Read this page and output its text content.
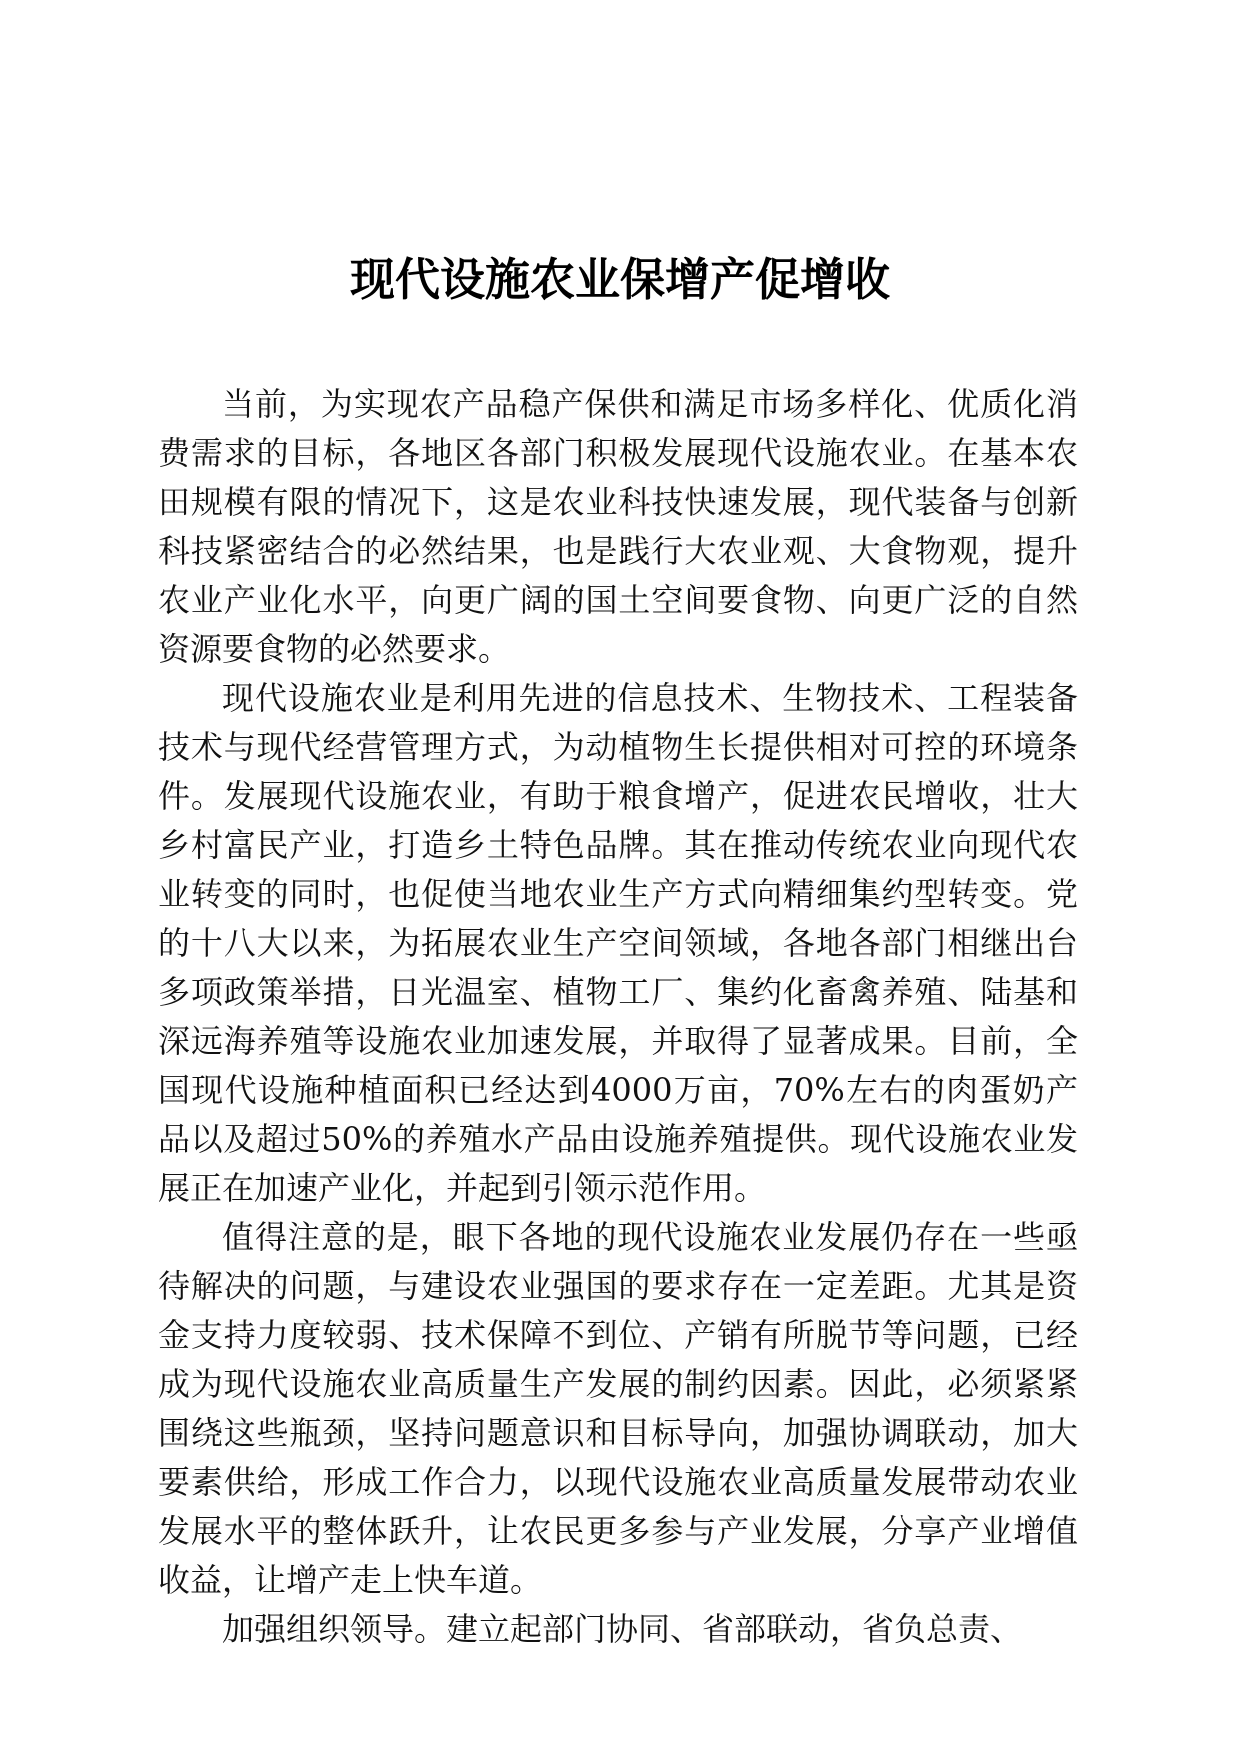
现代设施农业保增产促增收

当前，为实现农产品稳产保供和满足市场多样化、优质化消费需求的目标，各地区各部门积极发展现代设施农业。在基本农田规模有限的情况下，这是农业科技快速发展，现代装备与创新科技紧密结合的必然结果，也是践行大农业观、大食物观，提升农业产业化水平，向更广阔的国土空间要食物、向更广泛的自然资源要食物的必然要求。

现代设施农业是利用先进的信息技术、生物技术、工程装备技术与现代经营管理方式，为动植物生长提供相对可控的环境条件。发展现代设施农业，有助于粮食增产，促进农民增收，壮大乡村富民产业，打造乡土特色品牌。其在推动传统农业向现代农业转变的同时，也促使当地农业生产方式向精细集约型转变。党的十八大以来，为拓展农业生产空间领域，各地各部门相继出台多项政策举措，日光温室、植物工厂、集约化畜禽养殖、陆基和深远海养殖等设施农业加速发展，并取得了显著成果。目前，全国现代设施种植面积已经达到4000万亩，70%左右的肉蛋奶产品以及超过50%的养殖水产品由设施养殖提供。现代设施农业发展正在加速产业化，并起到引领示范作用。

值得注意的是，眼下各地的现代设施农业发展仍存在一些亟待解决的问题，与建设农业强国的要求存在一定差距。尤其是资金支持力度较弱、技术保障不到位、产销有所脱节等问题，已经成为现代设施农业高质量生产发展的制约因素。因此，必须紧紧围绕这些瓶颈，坚持问题意识和目标导向，加强协调联动，加大要素供给，形成工作合力，以现代设施农业高质量发展带动农业发展水平的整体跃升，让农民更多参与产业发展，分享产业增值收益，让增产走上快车道。

加强组织领导。建立起部门协同、省部联动，省负总责、
